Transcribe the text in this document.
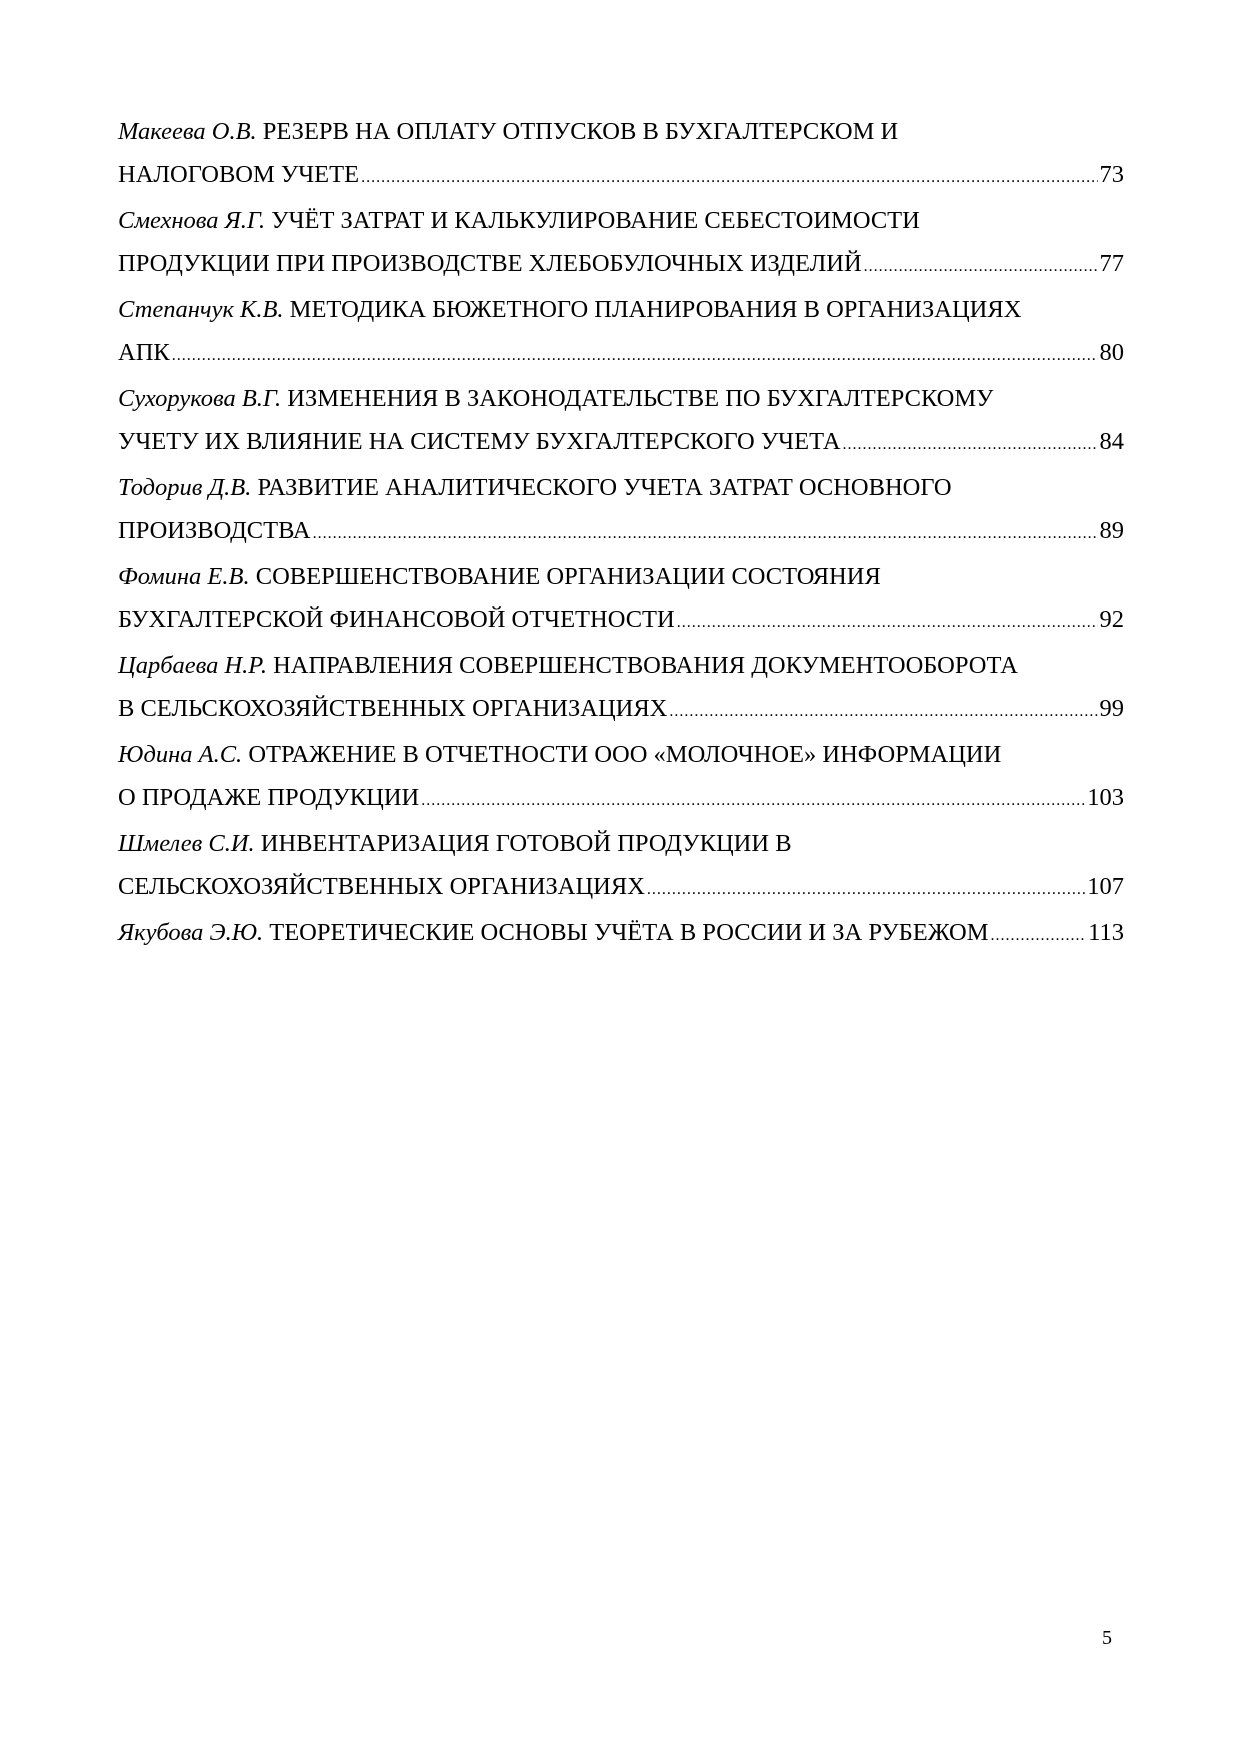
Макеева О.В. РЕЗЕРВ НА ОПЛАТУ ОТПУСКОВ В БУХГАЛТЕРСКОМ И
НАЛОГОВОМ УЧЕТЕ .....	73
Смехнова Я.Г. УЧЁТ ЗАТРАТ И КАЛЬКУЛИРОВАНИЕ СЕБЕСТОИМОСТИ
ПРОДУКЦИИ ПРИ ПРОИЗВОДСТВЕ ХЛЕБОБУЛОЧНЫХ ИЗДЕЛИЙ .....	77
Степанчук К.В. МЕТОДИКА БЮЖЕТНОГО ПЛАНИРОВАНИЯ В ОРГАНИЗАЦИЯХ
АПК .....	80
Сухорукова В.Г. ИЗМЕНЕНИЯ В ЗАКОНОДАТЕЛЬСТВЕ ПО БУХГАЛТЕРСКОМУ
УЧЕТУ ИХ ВЛИЯНИЕ НА СИСТЕМУ БУХГАЛТЕРСКОГО УЧЕТА .....	84
Тодорив Д.В. РАЗВИТИЕ АНАЛИТИЧЕСКОГО УЧЕТА ЗАТРАТ ОСНОВНОГО
ПРОИЗВОДСТВА .....	89
Фомина Е.В. СОВЕРШЕНСТВОВАНИЕ ОРГАНИЗАЦИИ СОСТОЯНИЯ
БУХГАЛТЕРСКОЙ ФИНАНСОВОЙ ОТЧЕТНОСТИ .....	92
Царбаева Н.Р. НАПРАВЛЕНИЯ СОВЕРШЕНСТВОВАНИЯ ДОКУМЕНТООБОРОТА
В СЕЛЬСКОХОЗЯЙСТВЕННЫХ ОРГАНИЗАЦИЯХ .....	99
Юдина А.С. ОТРАЖЕНИЕ В ОТЧЕТНОСТИ ООО «МОЛОЧНОЕ» ИНФОРМАЦИИ
О ПРОДАЖЕ ПРОДУКЦИИ .....	103
Шмелев С.И. ИНВЕНТАРИЗАЦИЯ ГОТОВОЙ ПРОДУКЦИИ В
СЕЛЬСКОХОЗЯЙСТВЕННЫХ ОРГАНИЗАЦИЯХ .....	107
Якубова Э.Ю.
ТЕОРЕТИЧЕСКИЕ ОСНОВЫ УЧЁТА В РОССИИ И ЗА РУБЕЖОМ .....	113
5
